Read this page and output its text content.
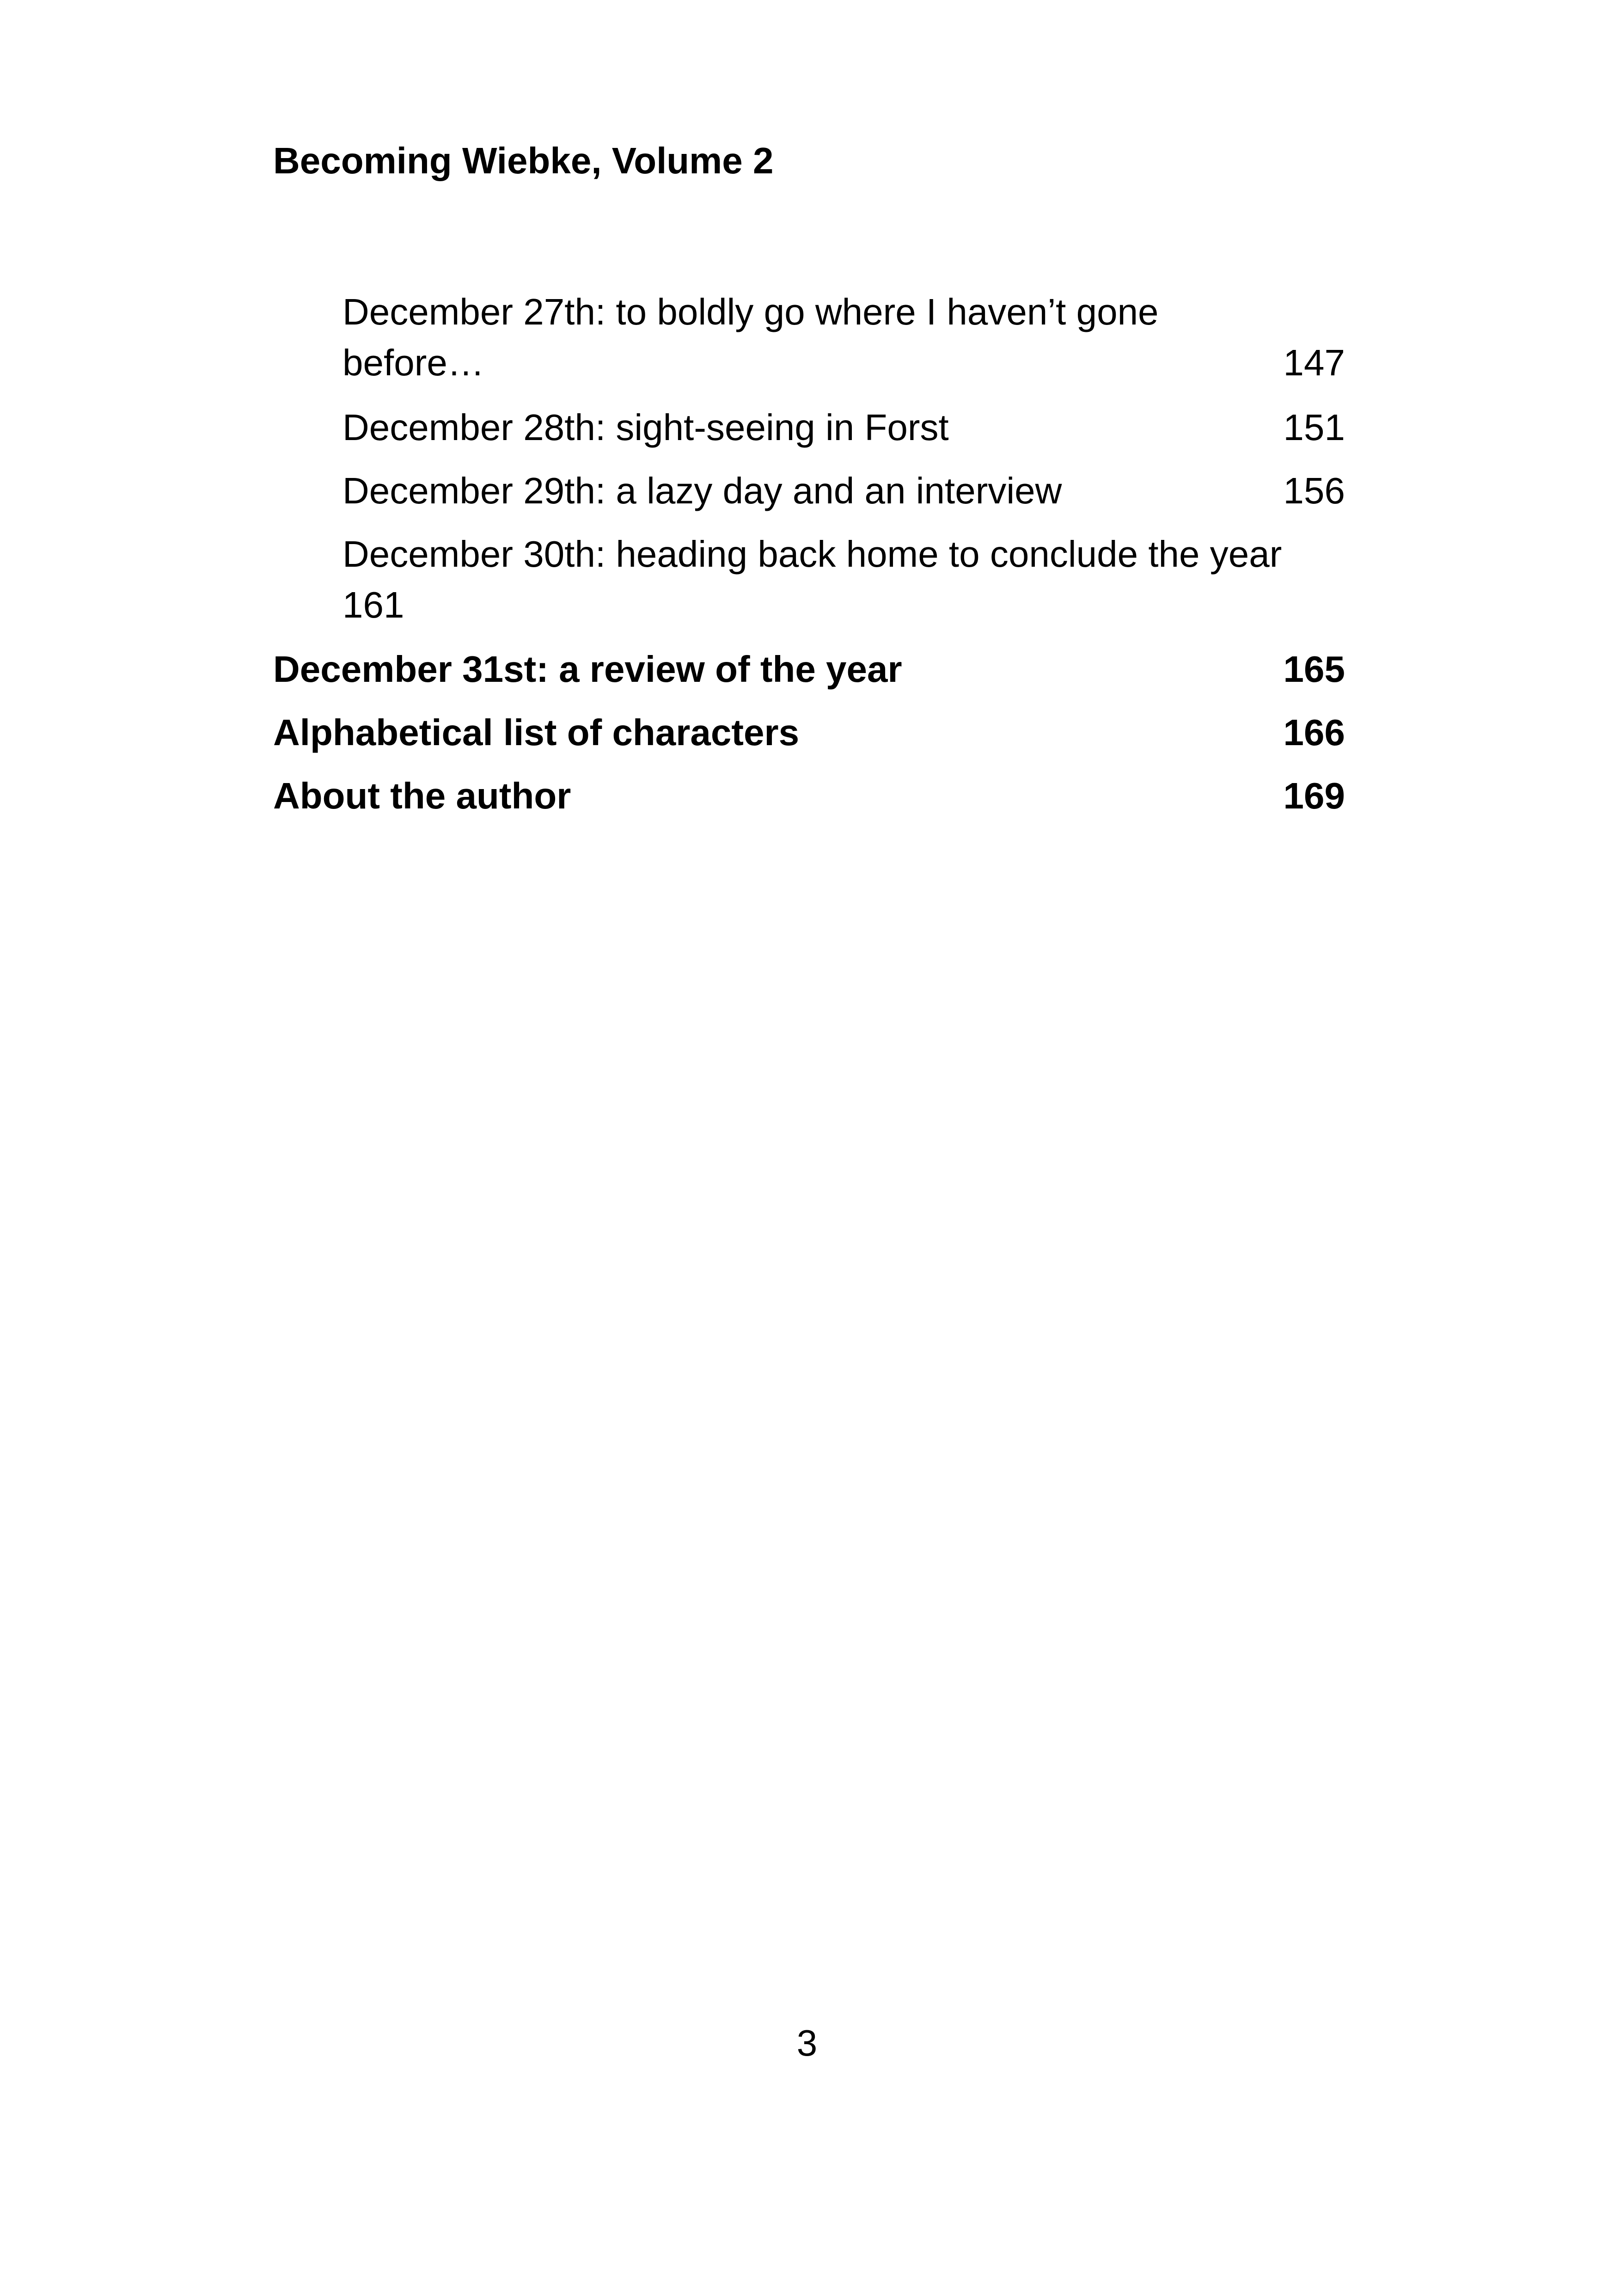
Becoming Wiebke, Volume 2
December 27th: to boldly go where I haven’t gone
before…	147
December 28th: sight-seeing in Forst	151
December 29th: a lazy day and an interview	156
December 30th: heading back home to conclude the year
161
December 31st: a review of the year	165
Alphabetical list of characters	166
About the author	169
3
